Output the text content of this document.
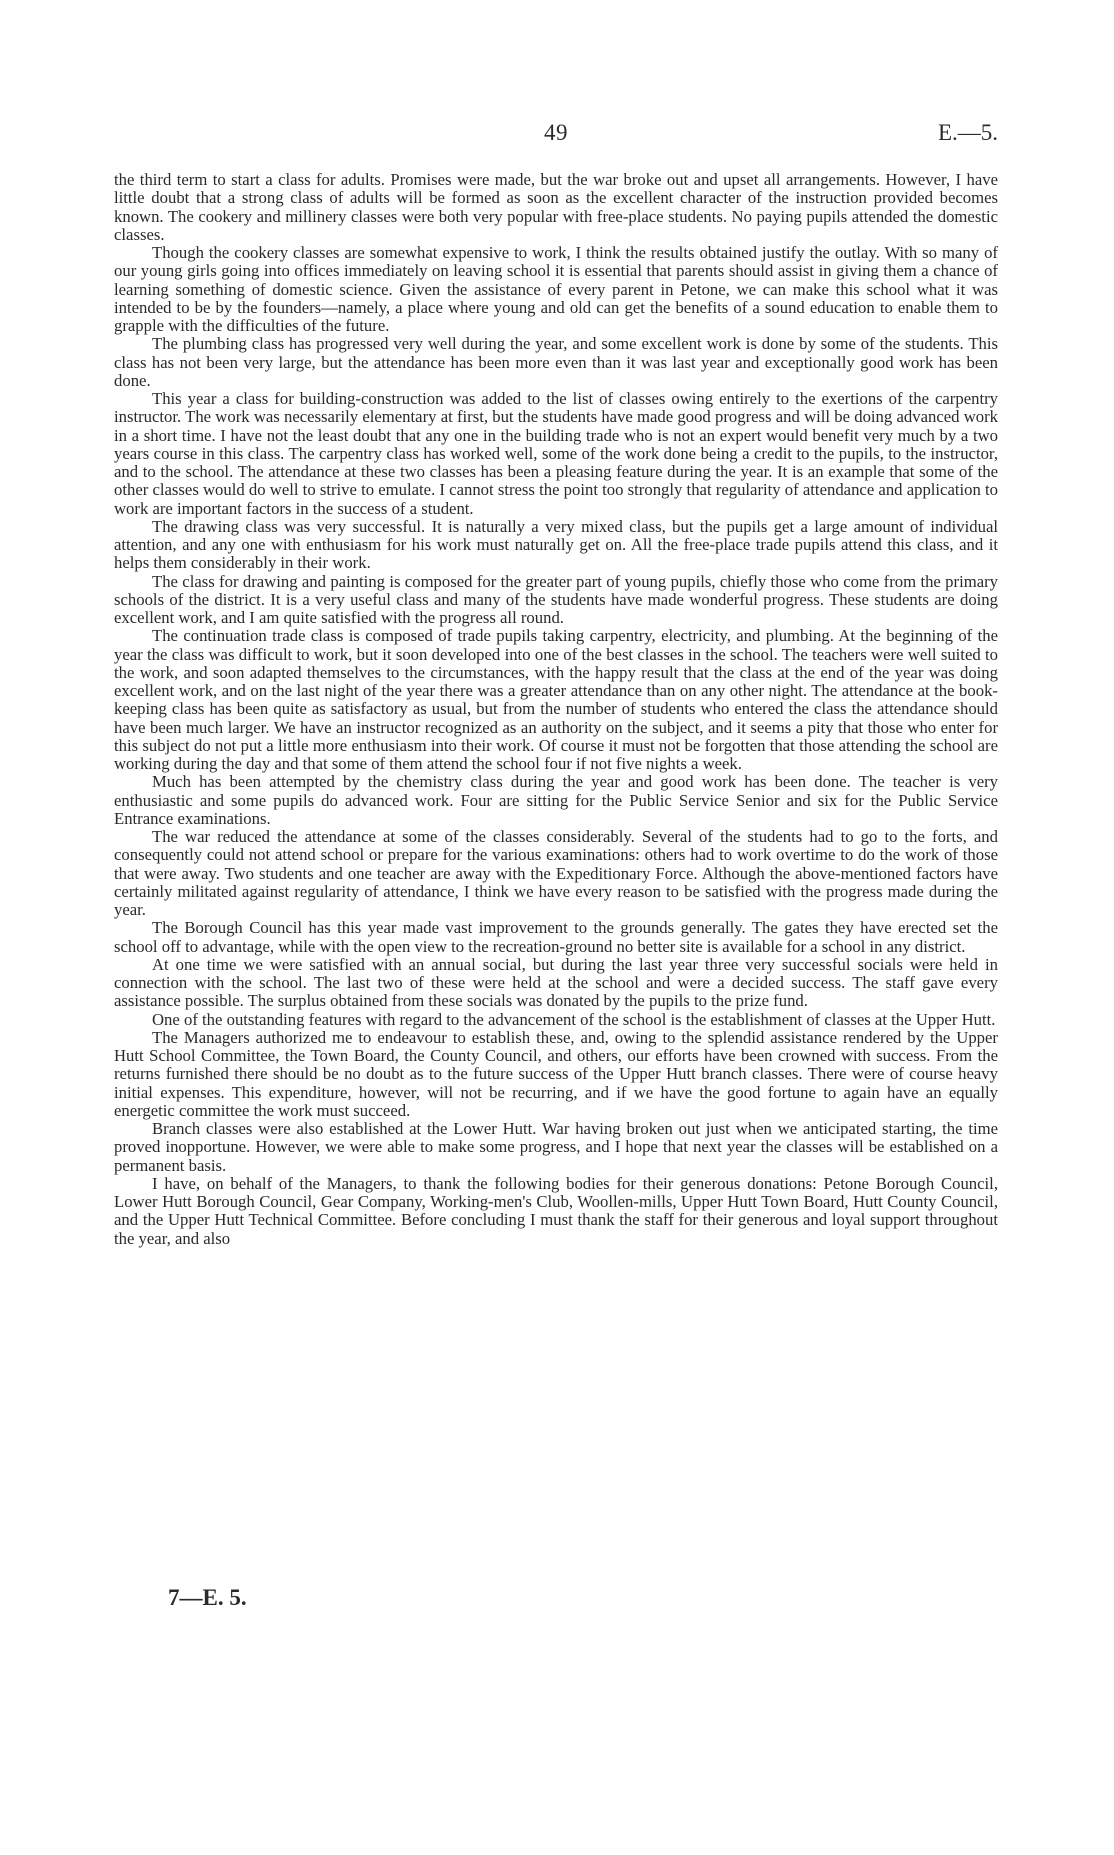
49	E.—5.

the third term to start a class for adults. Promises were made, but the war broke out and upset all arrangements. However, I have little doubt that a strong class of adults will be formed as soon as the excellent character of the instruction provided becomes known. The cookery and millinery classes were both very popular with free-place students. No paying pupils attended the domestic classes.

Though the cookery classes are somewhat expensive to work, I think the results obtained justify the outlay. With so many of our young girls going into offices immediately on leaving school it is essential that parents should assist in giving them a chance of learning something of domestic science. Given the assistance of every parent in Petone, we can make this school what it was intended to be by the founders—namely, a place where young and old can get the benefits of a sound education to enable them to grapple with the difficulties of the future.

The plumbing class has progressed very well during the year, and some excellent work is done by some of the students. This class has not been very large, but the attendance has been more even than it was last year and exceptionally good work has been done.

This year a class for building-construction was added to the list of classes owing entirely to the exertions of the carpentry instructor. The work was necessarily elementary at first, but the students have made good progress and will be doing advanced work in a short time. I have not the least doubt that any one in the building trade who is not an expert would benefit very much by a two years course in this class. The carpentry class has worked well, some of the work done being a credit to the pupils, to the instructor, and to the school. The attendance at these two classes has been a pleasing feature during the year. It is an example that some of the other classes would do well to strive to emulate. I cannot stress the point too strongly that regularity of attendance and application to work are important factors in the success of a student.

The drawing class was very successful. It is naturally a very mixed class, but the pupils get a large amount of individual attention, and any one with enthusiasm for his work must naturally get on. All the free-place trade pupils attend this class, and it helps them considerably in their work.

The class for drawing and painting is composed for the greater part of young pupils, chiefly those who come from the primary schools of the district. It is a very useful class and many of the students have made wonderful progress. These students are doing excellent work, and I am quite satisfied with the progress all round.

The continuation trade class is composed of trade pupils taking carpentry, electricity, and plumbing. At the beginning of the year the class was difficult to work, but it soon developed into one of the best classes in the school. The teachers were well suited to the work, and soon adapted themselves to the circumstances, with the happy result that the class at the end of the year was doing excellent work, and on the last night of the year there was a greater attendance than on any other night. The attendance at the book-keeping class has been quite as satisfactory as usual, but from the number of students who entered the class the attendance should have been much larger. We have an instructor recognized as an authority on the subject, and it seems a pity that those who enter for this subject do not put a little more enthusiasm into their work. Of course it must not be forgotten that those attending the school are working during the day and that some of them attend the school four if not five nights a week.

Much has been attempted by the chemistry class during the year and good work has been done. The teacher is very enthusiastic and some pupils do advanced work. Four are sitting for the Public Service Senior and six for the Public Service Entrance examinations.

The war reduced the attendance at some of the classes considerably. Several of the students had to go to the forts, and consequently could not attend school or prepare for the various examinations: others had to work overtime to do the work of those that were away. Two students and one teacher are away with the Expeditionary Force. Although the above-mentioned factors have certainly militated against regularity of attendance, I think we have every reason to be satisfied with the progress made during the year.

The Borough Council has this year made vast improvement to the grounds generally. The gates they have erected set the school off to advantage, while with the open view to the recreation-ground no better site is available for a school in any district.

At one time we were satisfied with an annual social, but during the last year three very successful socials were held in connection with the school. The last two of these were held at the school and were a decided success. The staff gave every assistance possible. The surplus obtained from these socials was donated by the pupils to the prize fund.

One of the outstanding features with regard to the advancement of the school is the establishment of classes at the Upper Hutt.

The Managers authorized me to endeavour to establish these, and, owing to the splendid assistance rendered by the Upper Hutt School Committee, the Town Board, the County Council, and others, our efforts have been crowned with success. From the returns furnished there should be no doubt as to the future success of the Upper Hutt branch classes. There were of course heavy initial expenses. This expenditure, however, will not be recurring, and if we have the good fortune to again have an equally energetic committee the work must succeed.

Branch classes were also established at the Lower Hutt. War having broken out just when we anticipated starting, the time proved inopportune. However, we were able to make some progress, and I hope that next year the classes will be established on a permanent basis.

I have, on behalf of the Managers, to thank the following bodies for their generous donations: Petone Borough Council, Lower Hutt Borough Council, Gear Company, Working-men's Club, Woollen-mills, Upper Hutt Town Board, Hutt County Council, and the Upper Hutt Technical Committee. Before concluding I must thank the staff for their generous and loyal support throughout the year, and also

7—E. 5.
